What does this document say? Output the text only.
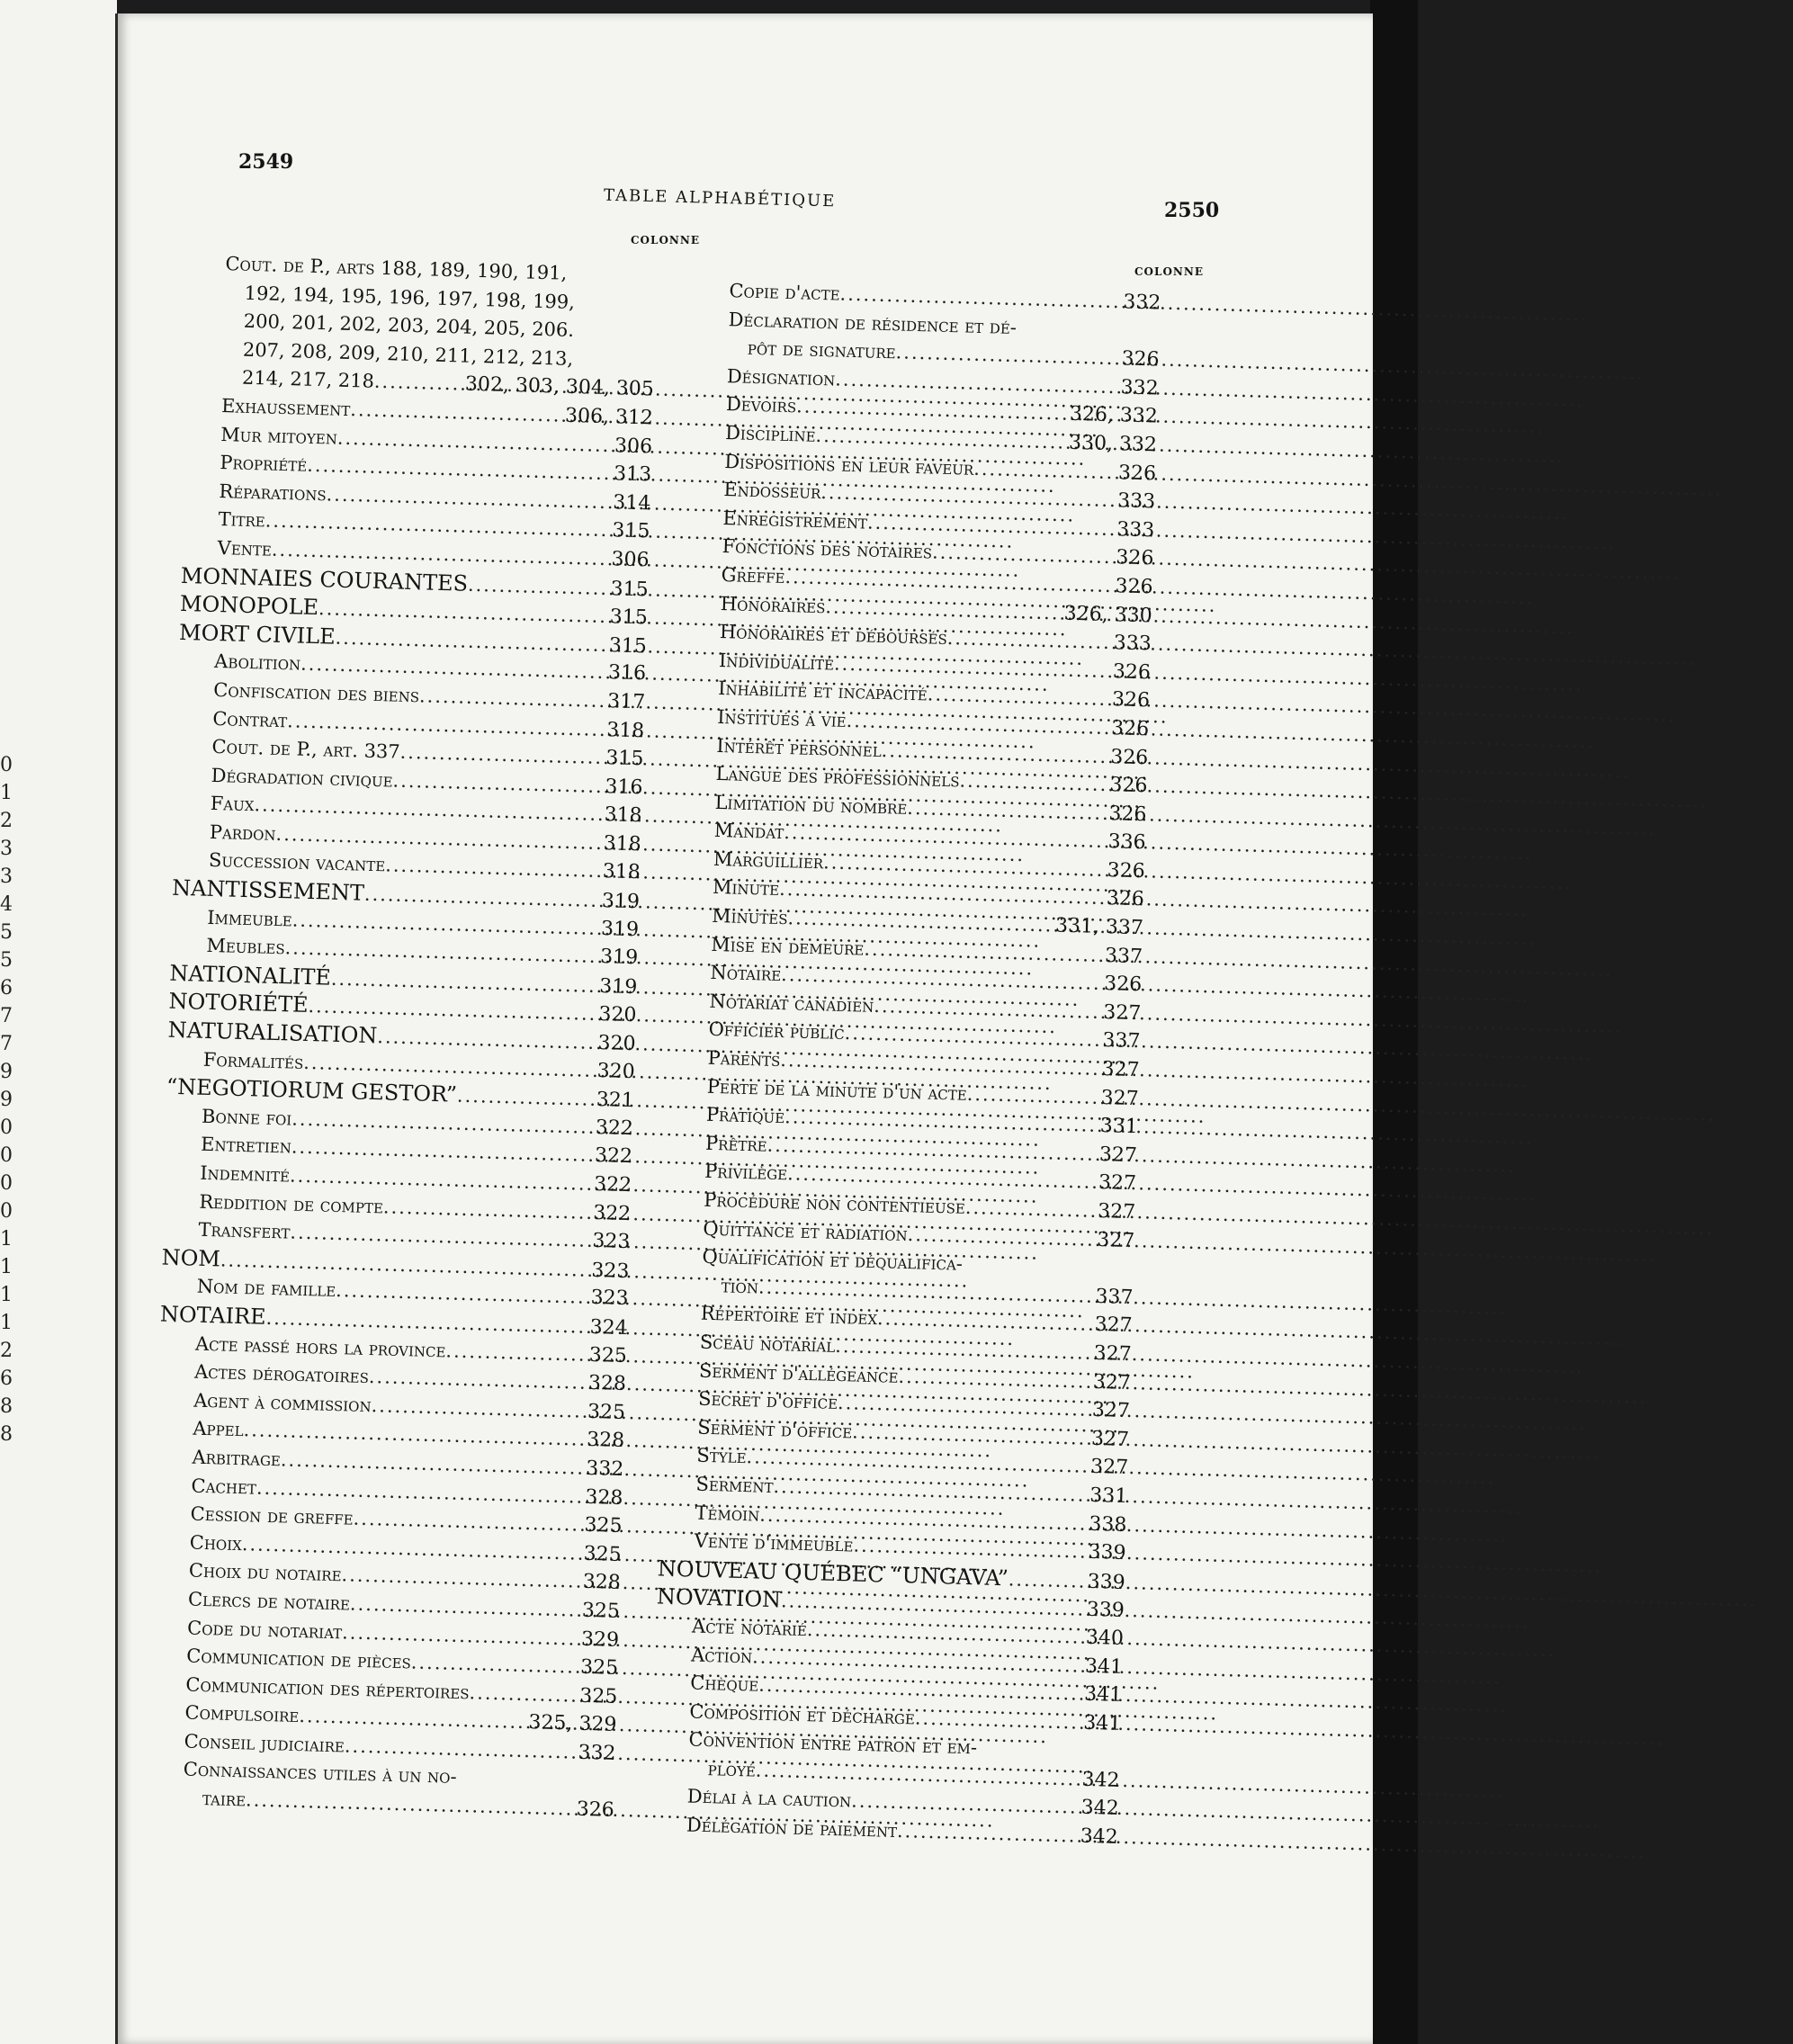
0
1
2
3
3
4
5
5
6
7
7
9
9
0
0
0
0
1
1
1
1
2
6
8
8
2549
2550
TABLE ALPHABÉTIQUE
COLONNE
COLONNE
Cout. de P., arts 188, 189, 190, 191,
192, 194, 195, 196, 197, 198, 199,
200, 201, 202, 203, 204, 205, 206.
207, 208, 209, 210, 211, 212, 213,
214, 217, 218 .....	302, 303, 304, 305
Exhaussement .....	306, 312
Mur mitoyen .....	306
Propriété .....	313
Réparations .....	314
Titre .....	315
Vente .....	306
MONNAIES COURANTES .....	315
MONOPOLE .....	315
MORT CIVILE .....	315
Abolition .....	316
Confiscation des biens .....	317
Contrat .....	318
Cout. de P., art. 337 .....	315
Dégradation civique .....	316
Faux .....	318
Pardon .....	318
Succession vacante .....	318
NANTISSEMENT .....	319
Immeuble .....	319
Meubles .....	319
NATIONALITÉ .....	319
NOTORIÉTÉ .....	320
NATURALISATION .....	320
Formalités .....	320
“NEGOTIORUM GESTOR” .....	321
Bonne foi .....	322
Entretien .....	322
Indemnité .....	322
Reddition de compte .....	322
Transfert .....	323
NOM .....	323
Nom de famille .....	323
NOTAIRE .....	324
Acte passé hors la province .....	325
Actes dérogatoires .....	328
Agent à commission .....	325
Appel .....	328
Arbitrage .....	332
Cachet .....	328
Cession de greffe .....	325
Choix .....	325
Choix du notaire .....	328
Clercs de notaire .....	325
Code du notariat .....	329
Communication de pièces .....	325
Communication des répertoires .....	325
Compulsoire .....	325, 329
Conseil judiciaire .....	332
Connaissances utiles à un no-
taire .....	326
Copie d'acte .....	332
Déclaration de résidence et dé-
pôt de signature .....	326
Désignation .....	332
Devoirs .....	326, 332
Discipline .....	330, 332
Dispositions en leur faveur .....	326
Endosseur .....	333
Enregistrement .....	333
Fonctions des notaires .....	326
Greffe .....	326
Honoraires .....	326, 330
Honoraires et déboursés .....	333
Individualité .....	326
Inhabilité et incapacité .....	326
Institués à vie .....	326
Intérêt personnel .....	326
Langue des professionnels .....	326
Limitation du nombre .....	326
Mandat .....	336
Marguillier .....	326
Minute .....	326
Minutes .....	331, 337
Mise en demeure .....	337
Notaire .....	326
Notariat canadien .....	327
Officier public .....	337
Parents .....	327
Perte de la minute d'un acte .....	327
Pratique .....	331
Prêtre .....	327
Privilège .....	327
Procédure non contentieuse .....	327
Quittance et radiation .....	327
Qualification et déqualifica-
tion .....	337
Répertoire et index .....	327
Sceau notarial .....	327
Serment d'allégeance .....	327
Secret d'office .....	327
Serment d'office .....	327
Style .....	327
Serment .....	331
Témoin .....	338
Vente d'immeuble .....	339
NOUVEAU QUÉBEC “UNGAVA” .....	339
NOVATION .....	339
Acte notarié .....	340
Action .....	341
Chèque .....	341
Composition et décharge .....	341
Convention entre patron et em-
ployé .....	342
Délai à la caution .....	342
Délégation de paiement .....	342
